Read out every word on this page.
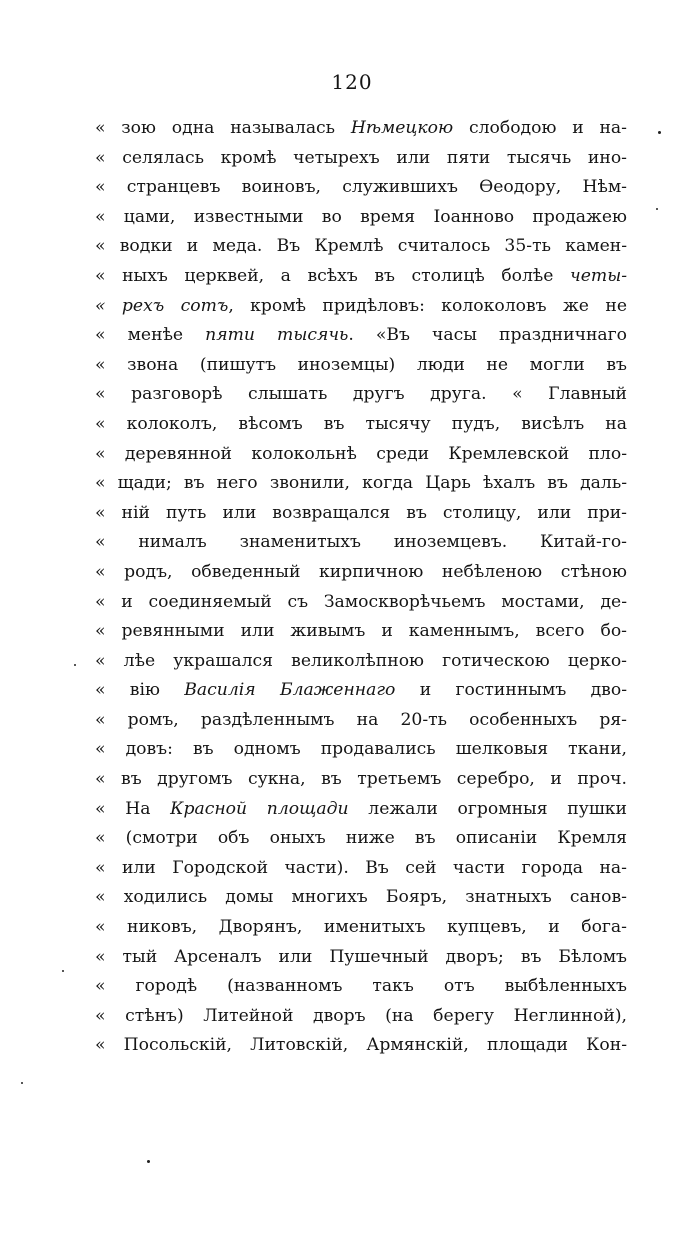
120
« зою одна называлась Нѣмецкою слободою и на-
« селялась кромѣ четырехъ или пяти тысячь ино-
« странцевъ воиновъ, служившихъ Ѳеодору, Нѣм-
« цами, известными во время Іоанново продажею
« водки и меда. Въ Кремлѣ считалось 35-ть камен-
« ныхъ церквей, а всѣхъ въ столицѣ болѣе четы-
« рехъ сотъ, кромѣ придѣловъ: колоколовъ же не
« менѣе пяти тысячь. «Въ часы праздничнаго
« звона (пишутъ иноземцы) люди не могли въ
« разговорѣ слышать другъ друга. « Главный
« колоколъ, вѣсомъ въ тысячу пудъ, висѣлъ на
« деревянной колокольнѣ среди Кремлевской пло-
« щади; въ него звонили, когда Царь ѣхалъ въ даль-
« ній путь или возвращался въ столицу, или при-
« нималъ знаменитыхъ иноземцевъ. Китай-го-
« родъ, обведенный кирпичною небѣленою стѣною
« и соединяемый съ Замоскворѣчьемъ мостами, де-
« ревянными или живымъ и каменнымъ, всего бо-
« лѣе украшался великолѣпною готическою церко-
« вію Василія Блаженнаго и гостиннымъ дво-
« ромъ, раздѣленнымъ на 20-ть особенныхъ ря-
« довъ: въ одномъ продавались шелковыя ткани,
« въ другомъ сукна, въ третьемъ серебро, и проч.
« На Красной площади лежали огромныя пушки
« (смотри объ оныхъ ниже въ описаніи Кремля
« или Городской части). Въ сей части города на-
« ходились домы многихъ Бояръ, знатныхъ санов-
« никовъ, Дворянъ, именитыхъ купцевъ, и бога-
« тый Арсеналъ или Пушечный дворъ; въ Бѣломъ
« городѣ (названномъ такъ отъ выбѣленныхъ
« стѣнъ) Литейной дворъ (на берегу Неглинной),
« Посольскій, Литовскій, Армянскій, площади Кон-
